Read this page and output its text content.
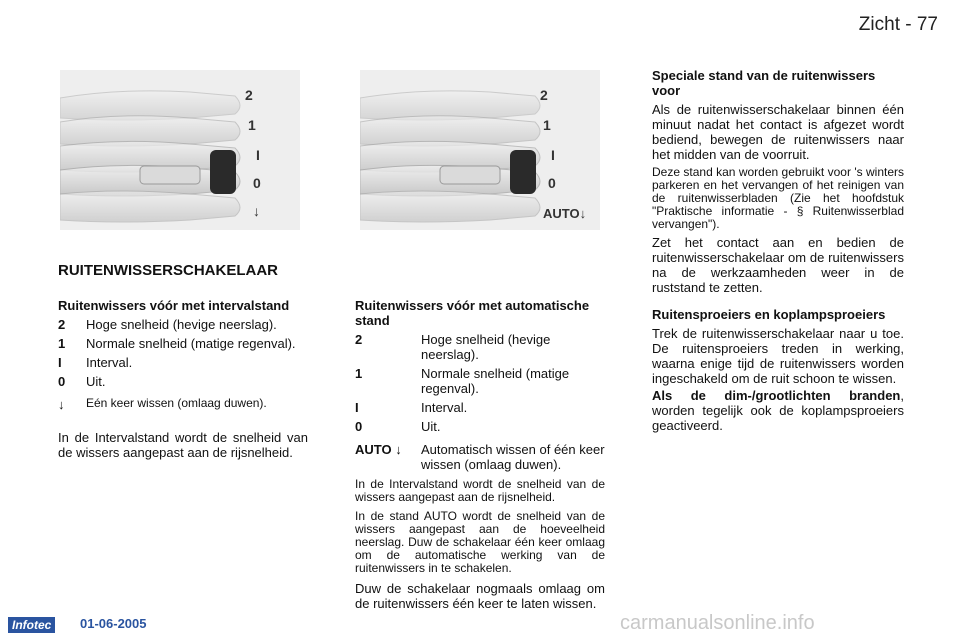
Zicht - 77
2
1
I
0
↓
2
1
I
0
AUTO↓
RUITENWISSERSCHAKELAAR
Ruitenwissers vóór met intervalstand
2	Hoge snelheid (hevige neerslag).
1	Normale snelheid (matige regenval).
I	Interval.
0	Uit.
↓	Eén keer wissen (omlaag duwen).
In de Intervalstand wordt de snelheid van de wissers aangepast aan de rijsnelheid.
Ruitenwissers vóór met automatische stand
2	Hoge snelheid (hevige neerslag).
1	Normale snelheid (matige regenval).
I	Interval.
0	Uit.
AUTO ↓	Automatisch wissen of één keer wissen (omlaag duwen).
In de Intervalstand wordt de snelheid van de wissers aangepast aan de rijsnelheid.
In de stand AUTO wordt de snelheid van de wissers aangepast aan de hoeveelheid neerslag. Duw de schakelaar één keer omlaag om de automatische werking van de ruitenwissers in te schakelen.
Duw de schakelaar nogmaals omlaag om de ruitenwissers één keer te laten wissen.
Speciale stand van de ruitenwissers voor
Als de ruitenwisserschakelaar binnen één minuut nadat het contact is afgezet wordt bediend, bewegen de ruitenwissers naar het midden van de voorruit.
Deze stand kan worden gebruikt voor 's winters parkeren en het vervangen of het reinigen van de ruitenwisserbladen (Zie het hoofdstuk "Praktische informatie - § Ruitenwisserblad vervangen").
Zet het contact aan en bedien de ruitenwisserschakelaar om de ruitenwissers na de werkzaamheden weer in de ruststand te zetten.
Ruitensproeiers en koplampsproeiers
Trek de ruitenwisserschakelaar naar u toe. De ruitensproeiers treden in werking, waarna enige tijd de ruitenwissers worden ingeschakeld om de ruit schoon te wissen.
Als de dim-/grootlichten branden, worden tegelijk ook de koplampsproeiers geactiveerd.
Infotec	01-06-2005	carmanualsonline.info
